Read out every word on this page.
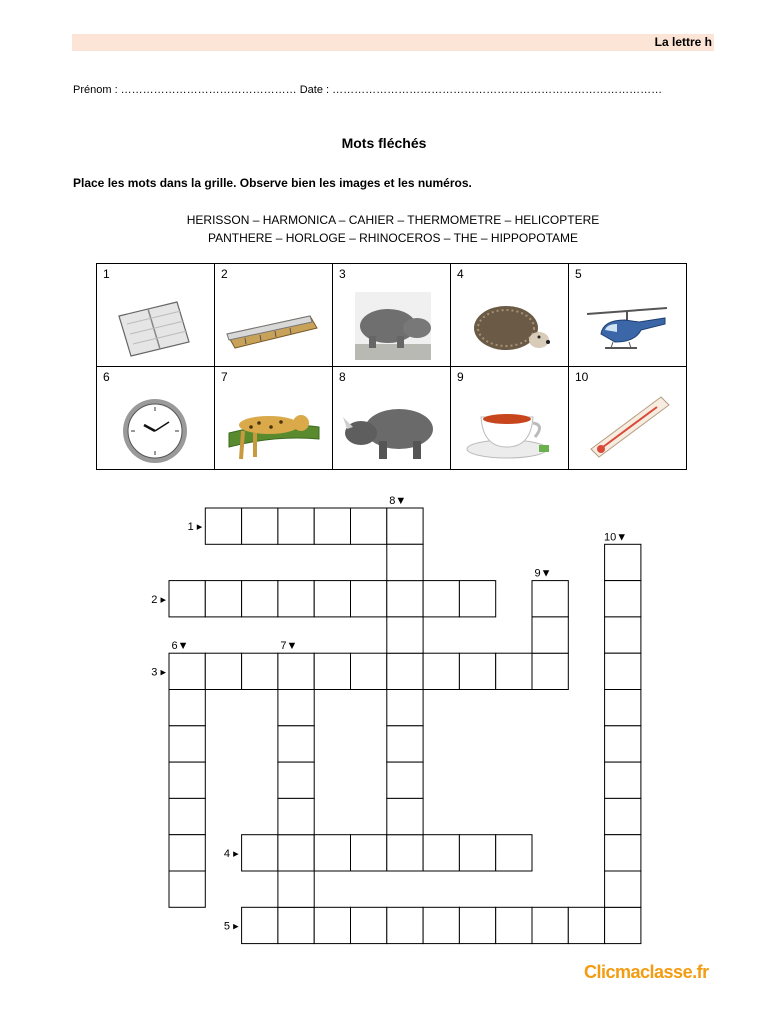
La lettre h
Prénom : ………………………………………… Date : ………………………………………………………………………………
Mots fléchés
Place les mots dans la grille. Observe bien les images et les numéros.
HERISSON – HARMONICA – CAHIER – THERMOMETRE – HELICOPTERE
PANTHERE – HORLOGE – RHINOCEROS – THE – HIPPOPOTAME
1	2	3	4	5

6	7	8	9	10
1 ▸
2 ▸
3 ▸
4 ▸
5 ▸
6▼	7▼
8▼
9▼
10▼
Clicmaclasse.fr
